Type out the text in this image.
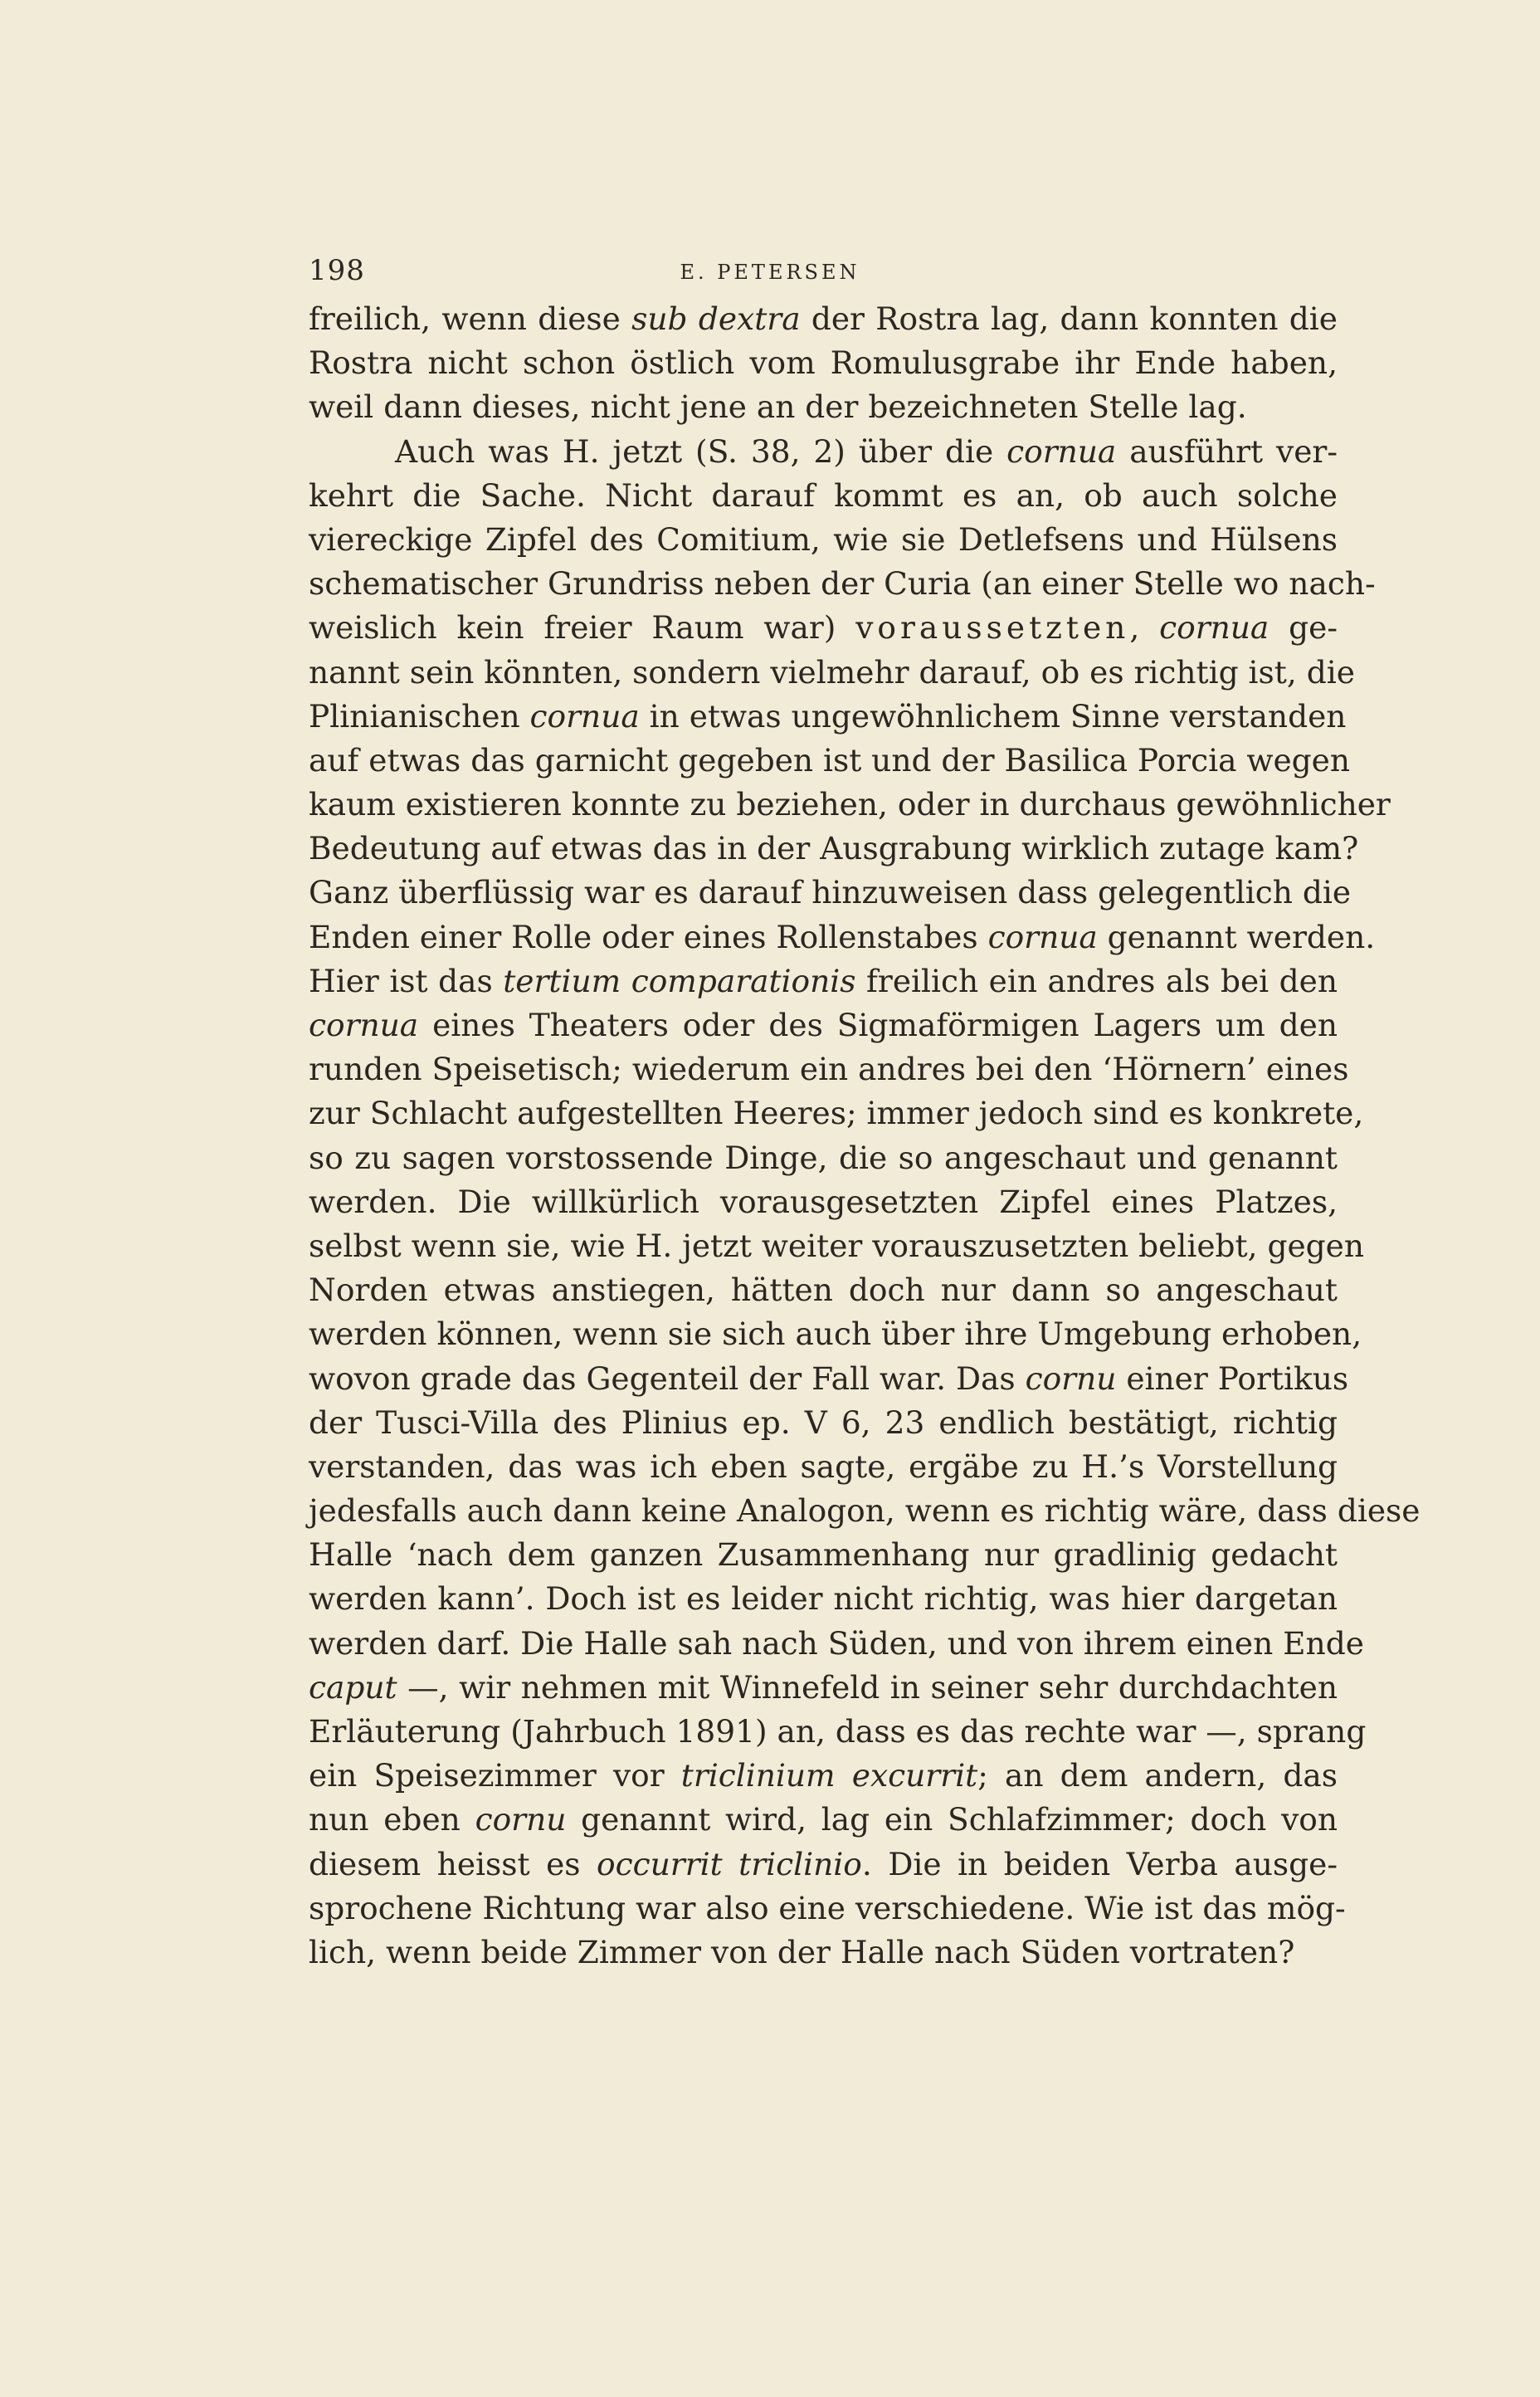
198	E. PETERSEN
freilich, wenn diese sub dextra der Rostra lag, dann konnten die
Rostra nicht schon östlich vom Romulusgrabe ihr Ende haben,
weil dann dieses, nicht jene an der bezeichneten Stelle lag.
Auch was H. jetzt (S. 38, 2) über die cornua ausführt ver-
kehrt die Sache. Nicht darauf kommt es an, ob auch solche
viereckige Zipfel des Comitium, wie sie Detlefsens und Hülsens
schematischer Grundriss neben der Curia (an einer Stelle wo nach-
weislich kein freier Raum war) voraussetzten, cornua ge-
nannt sein könnten, sondern vielmehr darauf, ob es richtig ist, die
Plinianischen cornua in etwas ungewöhnlichem Sinne verstanden
auf etwas das garnicht gegeben ist und der Basilica Porcia wegen
kaum existieren konnte zu beziehen, oder in durchaus gewöhnlicher
Bedeutung auf etwas das in der Ausgrabung wirklich zutage kam?
Ganz überflüssig war es darauf hinzuweisen dass gelegentlich die
Enden einer Rolle oder eines Rollenstabes cornua genannt werden.
Hier ist das tertium comparationis freilich ein andres als bei den
cornua eines Theaters oder des Sigmaförmigen Lagers um den
runden Speisetisch; wiederum ein andres bei den ‘Hörnern’ eines
zur Schlacht aufgestellten Heeres; immer jedoch sind es konkrete,
so zu sagen vorstossende Dinge, die so angeschaut und genannt
werden. Die willkürlich vorausgesetzten Zipfel eines Platzes,
selbst wenn sie, wie H. jetzt weiter vorauszusetzten beliebt, gegen
Norden etwas anstiegen, hätten doch nur dann so angeschaut
werden können, wenn sie sich auch über ihre Umgebung erhoben,
wovon grade das Gegenteil der Fall war. Das cornu einer Portikus
der Tusci-Villa des Plinius ep. V 6, 23 endlich bestätigt, richtig
verstanden, das was ich eben sagte, ergäbe zu H.’s Vorstellung
jedesfalls auch dann keine Analogon, wenn es richtig wäre, dass diese
Halle ‘nach dem ganzen Zusammenhang nur gradlinig gedacht
werden kann’. Doch ist es leider nicht richtig, was hier dargetan
werden darf. Die Halle sah nach Süden, und von ihrem einen Ende
caput —, wir nehmen mit Winnefeld in seiner sehr durchdachten
Erläuterung (Jahrbuch 1891) an, dass es das rechte war —, sprang
ein Speisezimmer vor triclinium excurrit; an dem andern, das
nun eben cornu genannt wird, lag ein Schlafzimmer; doch von
diesem heisst es occurrit triclinio. Die in beiden Verba ausge-
sprochene Richtung war also eine verschiedene. Wie ist das mög-
lich, wenn beide Zimmer von der Halle nach Süden vortraten?
